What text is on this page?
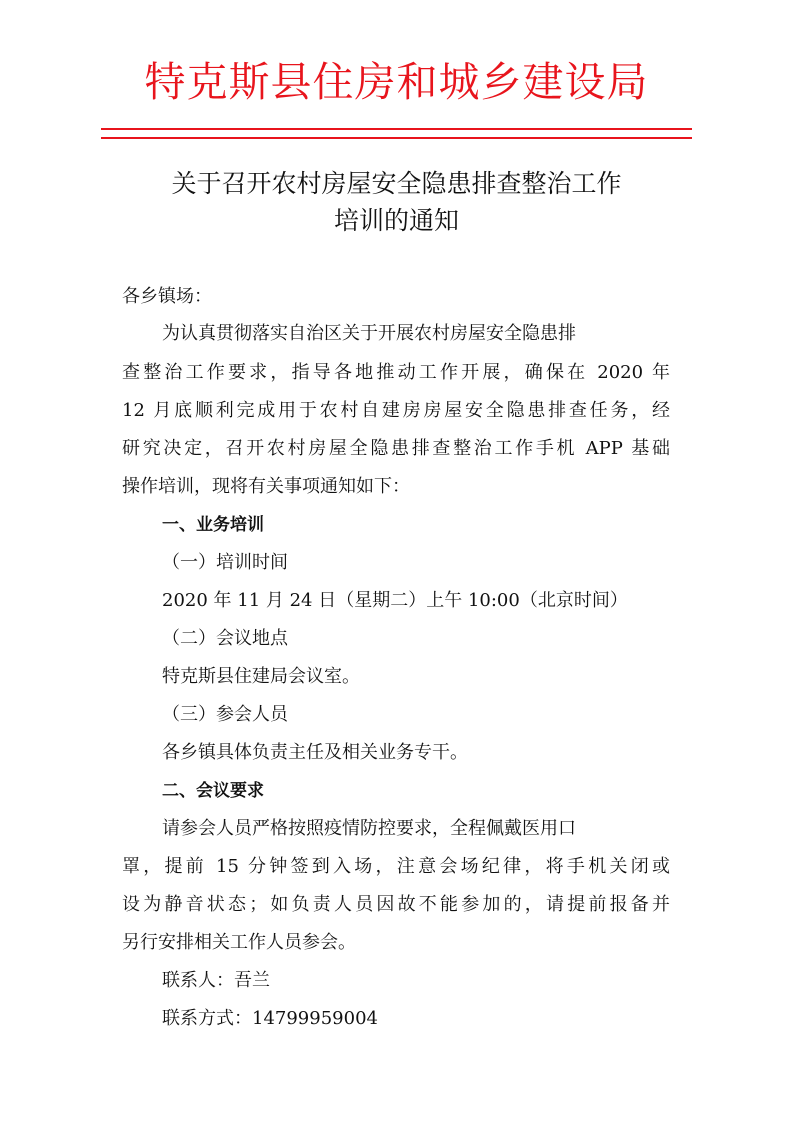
特克斯县住房和城乡建设局
关于召开农村房屋安全隐患排查整治工作
培训的通知
各乡镇场：
为认真贯彻落实自治区关于开展农村房屋安全隐患排
查整治工作要求，指导各地推动工作开展，确保在 2020 年
12 月底顺利完成用于农村自建房房屋安全隐患排查任务，经
研究决定，召开农村房屋全隐患排查整治工作手机 APP 基础
操作培训，现将有关事项通知如下：
一、业务培训
（一）培训时间
2020 年 11 月 24 日（星期二）上午 10:00（北京时间）
（二）会议地点
特克斯县住建局会议室。
（三）参会人员
各乡镇具体负责主任及相关业务专干。
二、会议要求
请参会人员严格按照疫情防控要求，全程佩戴医用口
罩，提前 15 分钟签到入场，注意会场纪律，将手机关闭或
设为静音状态；如负责人员因故不能参加的，请提前报备并
另行安排相关工作人员参会。
联系人：吾兰
联系方式：14799959004
